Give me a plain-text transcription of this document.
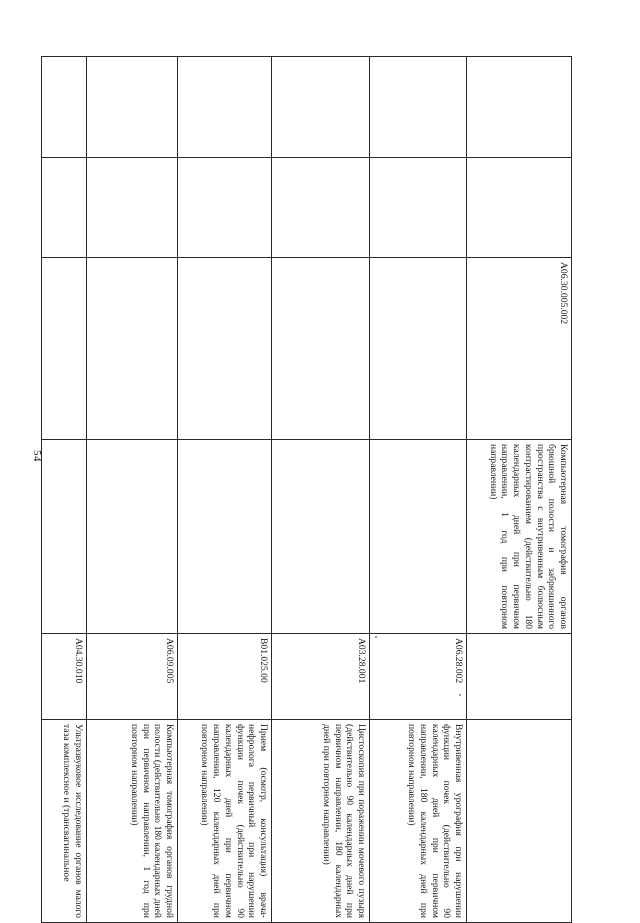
54
		A06.30.005.002	Компьютерная томография органов брюшной полости и забрюшинного пространства с внутривенным болюсным контрастированием (действительно 180 календарных дней при первичном направлении, 1 год при повторном направлении)		
				A06.28.002	Внутривенная урография при нарушении функции почек (действительно 90 календарных дней при первичном направлении, 180 календарных дней при повторном направлении)
				A03.28.001	Цистоскопия при поражении мочевого пузыря (действительно 90 календарных дней при первичном направлении, 180 календарных дней при повторном направлении)
				B01.025.00	Прием (осмотр, консультация) врача-нефролога первичный при нарушении функции почек (действительно 90 календарных дней при первичном направлении, 120 календарных дней при повторном направлении)
				A06.09.005	Компьютерная томография органов грудной полости (действительно 180 календарных дней при первичном направлении, 1 год при повторном направлении)
				A04.30.010	Ультразвуковое исследование органов малого таза комплексное и (трансвагинальное
